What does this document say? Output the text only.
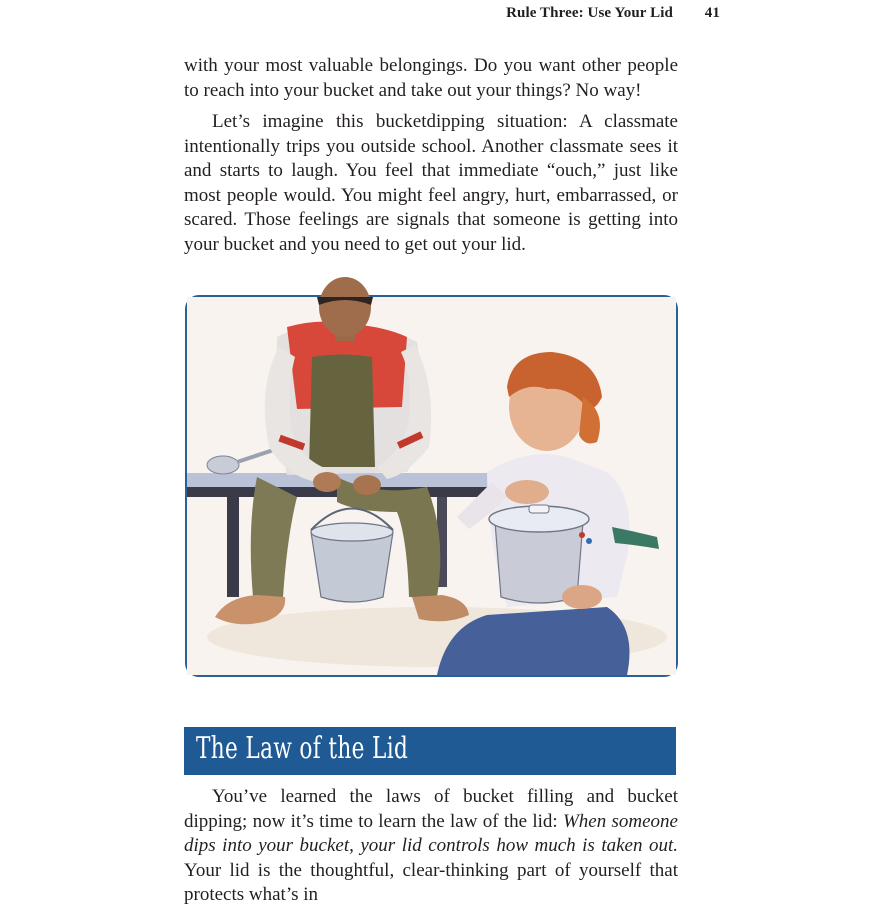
Rule Three: Use Your Lid 41

with your most valuable belongings. Do you want other people to reach into your bucket and take out your things? No way!

Let’s imagine this bucketdipping situation: A classmate intentionally trips you outside school. Another classmate sees it and starts to laugh. You feel that immediate “ouch,” just like most people would. You might feel angry, hurt, embarrassed, or scared. Those feelings are signals that someone is getting into your bucket and you need to get out your lid.

The Law of the Lid

You’ve learned the laws of bucket filling and bucket dipping; now it’s time to learn the law of the lid: When someone dips into your bucket, your lid controls how much is taken out. Your lid is the thoughtful, clear-thinking part of yourself that protects what’s in
